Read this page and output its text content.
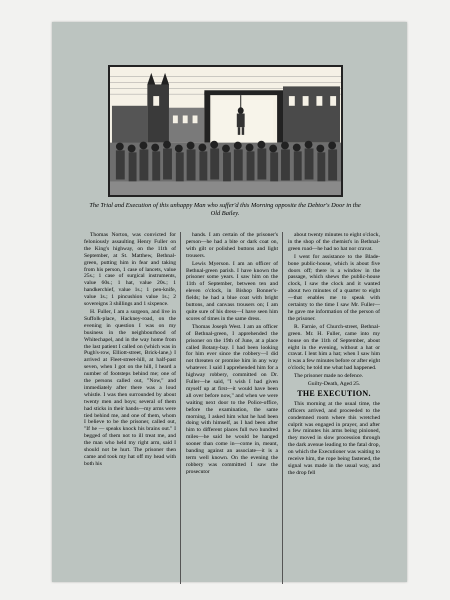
The Trial and Execution of this unhappy Man who suffer'd this Morning opposite the Debtor's Door in the Old Bailey.

Thomas Norton, was convicted for feloniously assaulting Henry Fuller on the King's highway, on the 11th of September, at St. Matthew, Bethnal-green, putting him in fear and taking from his person, 1 case of lancets, value 25s.; 1 case of surgical instruments, value 60s.; 1 hat, value 20s.; 1 handkerchief, value 1s.; 1 pen-knife, value 1s.; 1 pincushion value 1s.; 2 sovereigns 3 shillings and 1 sixpence.

H. Fuller, I am a surgeon, and live in Suffolk-place, Hackney-road, on the evening in question I was on my business in the neighbourhood of Whitechapel, and in the way home from the last patient I called on (which was in Pugh's-row, Elliott-street, Brick-lane,) I arrived at Fleet-street-hill, at half-past seven, when I got on the hill, I heard a number of footsteps behind me; one of the persons called out, "Now," and immediately after there was a loud whistle. I was then surrounded by about twenty men and boys; several of them had sticks in their hands—my arms were tied behind me, and one of them, whom I believe to be the prisoner, called out, "If he — speaks knock his brains out." I begged of them not to ill treat me, and the man who held my right arm, said I should not be hurt. The prisoner then came and took my hat off my head with both his

hands. I am certain of the prisoner's person—he had a bite or dark coat on, with gilt or polished buttons and light trousers.

Lewis Myerson. I am an officer of Bethnal-green parish. I have known the prisoner some years. I saw him on the 11th of September, between ten and eleven o'clock, in Bishop Bonner's-fields; he had a blue coat with bright buttons, and canvass trousers on; I am quite sure of his dress—I have seen him scores of times in the same dress.

Thomas Joseph West. I am an officer of Bethnal-green, I apprehended the prisoner on the 19th of June, at a place called Botany-bay. I had been looking for him ever since the robbery—I did not threaten or promise him in any way whatever. I said I apprehended him for a highway robbery, committed on Dr. Fuller—he said, "I wish I had given myself up at first—it would have been all over before now," and when we were waiting next door to the Police-office, before the examination, the same morning, I asked him what he had been doing with himself, as I had been after him to different places full two hundred miles—he said he would be hanged sooner than come in—come in, meant, banding against an associate—it is a term well known. On the evening the robbery was committed I saw the prosecutor

about twenty minutes to eight o'clock, in the shop of the chemist's in Bethnal-green road—he had no hat nor cravat.

I went for assistance to the Blade-bone public-house, which is about five doors off; there is a window in the passage, which shews the public-house clock, I saw the clock and it wanted about two minutes of a quarter to eight—that enables me to speak with certainty to the time I saw Mr. Fuller—he gave me information of the person of the prisoner.

R. Farnie, of Church-street, Bethnal-green. Mr. H. Fuller, came into my house on the 11th of September, about eight in the evening, without a hat or cravat. I lent him a hat; when I saw him it was a few minutes before or after eight o'clock; he told me what had happened.

The prisoner made no defence.

Guilty-Death, Aged 25.

THE EXECUTION.

This morning at the usual time, the officers arrived, and proceeded to the condemned room where this wretched culprit was engaged in prayer, and after a few minutes his arms being pinioned, they moved in slow procession through the dark avenue leading to the fatal drop, on which the Executioner was waiting to receive him, the rope being fastened, the signal was made in the usual way, and the drop fell
